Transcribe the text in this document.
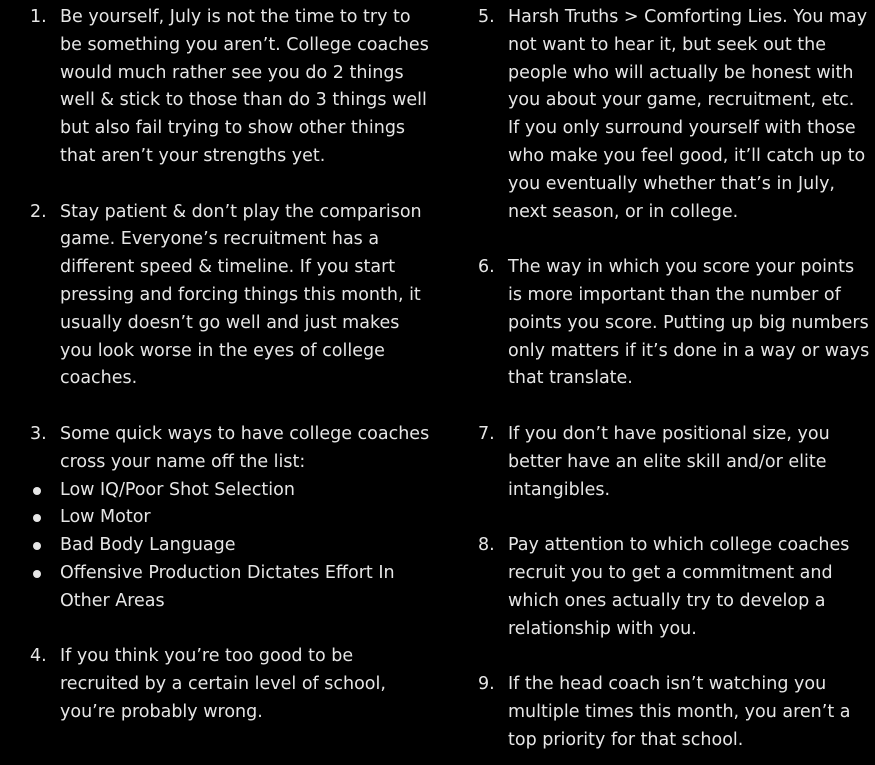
1. Be yourself, July is not the time to try to be something you aren’t. College coaches would much rather see you do 2 things well & stick to those than do 3 things well but also fail trying to show other things that aren’t your strengths yet.
2. Stay patient & don’t play the comparison game. Everyone’s recruitment has a different speed & timeline. If you start pressing and forcing things this month, it usually doesn’t go well and just makes you look worse in the eyes of college coaches.
3. Some quick ways to have college coaches cross your name off the list:
Low IQ/Poor Shot Selection
Low Motor
Bad Body Language
Offensive Production Dictates Effort In Other Areas
4. If you think you’re too good to be recruited by a certain level of school, you’re probably wrong.
5. Harsh Truths > Comforting Lies. You may not want to hear it, but seek out the people who will actually be honest with you about your game, recruitment, etc. If you only surround yourself with those who make you feel good, it’ll catch up to you eventually whether that’s in July, next season, or in college.
6. The way in which you score your points is more important than the number of points you score. Putting up big numbers only matters if it’s done in a way or ways that translate.
7. If you don’t have positional size, you better have an elite skill and/or elite intangibles.
8. Pay attention to which college coaches recruit you to get a commitment and which ones actually try to develop a relationship with you.
9. If the head coach isn’t watching you multiple times this month, you aren’t a top priority for that school.
